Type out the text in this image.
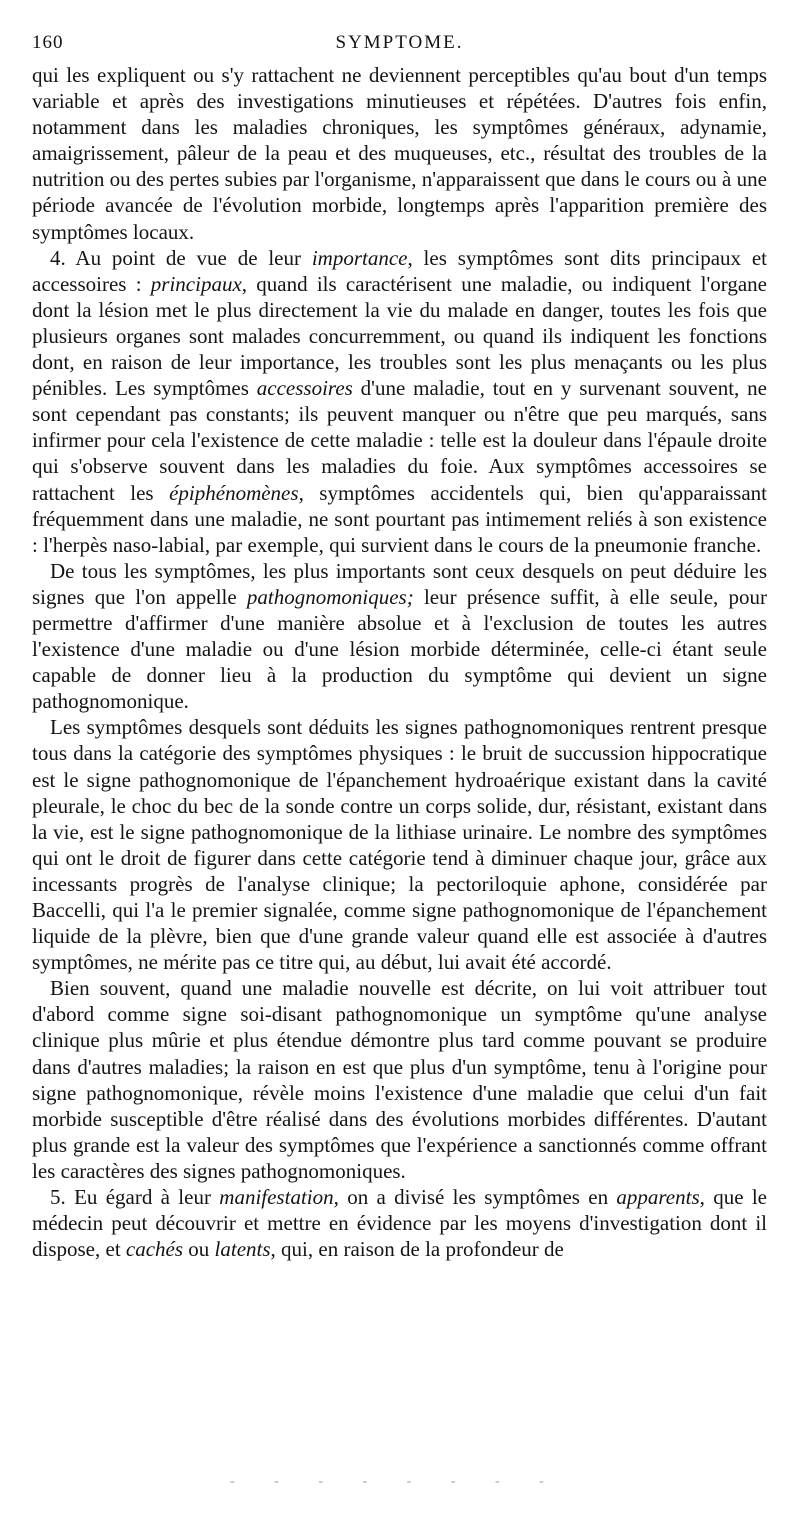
160	SYMPTOME.

qui les expliquent ou s'y rattachent ne deviennent perceptibles qu'au bout d'un temps variable et après des investigations minutieuses et répétées. D'autres fois enfin, notamment dans les maladies chroniques, les symptômes généraux, adynamie, amaigrissement, pâleur de la peau et des muqueuses, etc., résultat des troubles de la nutrition ou des pertes subies par l'organisme, n'apparaissent que dans le cours ou à une période avancée de l'évolution morbide, longtemps après l'apparition première des symptômes locaux.

4. Au point de vue de leur importance, les symptômes sont dits principaux et accessoires : principaux, quand ils caractérisent une maladie, ou indiquent l'organe dont la lésion met le plus directement la vie du malade en danger, toutes les fois que plusieurs organes sont malades concurremment, ou quand ils indiquent les fonctions dont, en raison de leur importance, les troubles sont les plus menaçants ou les plus pénibles. Les symptômes accessoires d'une maladie, tout en y survenant souvent, ne sont cependant pas constants; ils peuvent manquer ou n'être que peu marqués, sans infirmer pour cela l'existence de cette maladie : telle est la douleur dans l'épaule droite qui s'observe souvent dans les maladies du foie. Aux symptômes accessoires se rattachent les épiphénomènes, symptômes accidentels qui, bien qu'apparaissant fréquemment dans une maladie, ne sont pourtant pas intimement reliés à son existence : l'herpès naso-labial, par exemple, qui survient dans le cours de la pneumonie franche.

De tous les symptômes, les plus importants sont ceux desquels on peut déduire les signes que l'on appelle pathognomoniques; leur présence suffit, à elle seule, pour permettre d'affirmer d'une manière absolue et à l'exclusion de toutes les autres l'existence d'une maladie ou d'une lésion morbide déterminée, celle-ci étant seule capable de donner lieu à la production du symptôme qui devient un signe pathognomonique.

Les symptômes desquels sont déduits les signes pathognomoniques rentrent presque tous dans la catégorie des symptômes physiques : le bruit de succussion hippocratique est le signe pathognomonique de l'épanchement hydroaérique existant dans la cavité pleurale, le choc du bec de la sonde contre un corps solide, dur, résistant, existant dans la vie, est le signe pathognomonique de la lithiase urinaire. Le nombre des symptômes qui ont le droit de figurer dans cette catégorie tend à diminuer chaque jour, grâce aux incessants progrès de l'analyse clinique; la pectoriloquie aphone, considérée par Baccelli, qui l'a le premier signalée, comme signe pathognomonique de l'épanchement liquide de la plèvre, bien que d'une grande valeur quand elle est associée à d'autres symptômes, ne mérite pas ce titre qui, au début, lui avait été accordé.

Bien souvent, quand une maladie nouvelle est décrite, on lui voit attribuer tout d'abord comme signe soi-disant pathognomonique un symptôme qu'une analyse clinique plus mûrie et plus étendue démontre plus tard comme pouvant se produire dans d'autres maladies; la raison en est que plus d'un symptôme, tenu à l'origine pour signe pathognomonique, révèle moins l'existence d'une maladie que celui d'un fait morbide susceptible d'être réalisé dans des évolutions morbides différentes. D'autant plus grande est la valeur des symptômes que l'expérience a sanctionnés comme offrant les caractères des signes pathognomoniques.

5. Eu égard à leur manifestation, on a divisé les symptômes en apparents, que le médecin peut découvrir et mettre en évidence par les moyens d'investigation dont il dispose, et cachés ou latents, qui, en raison de la profondeur de

- - - - - - - -
